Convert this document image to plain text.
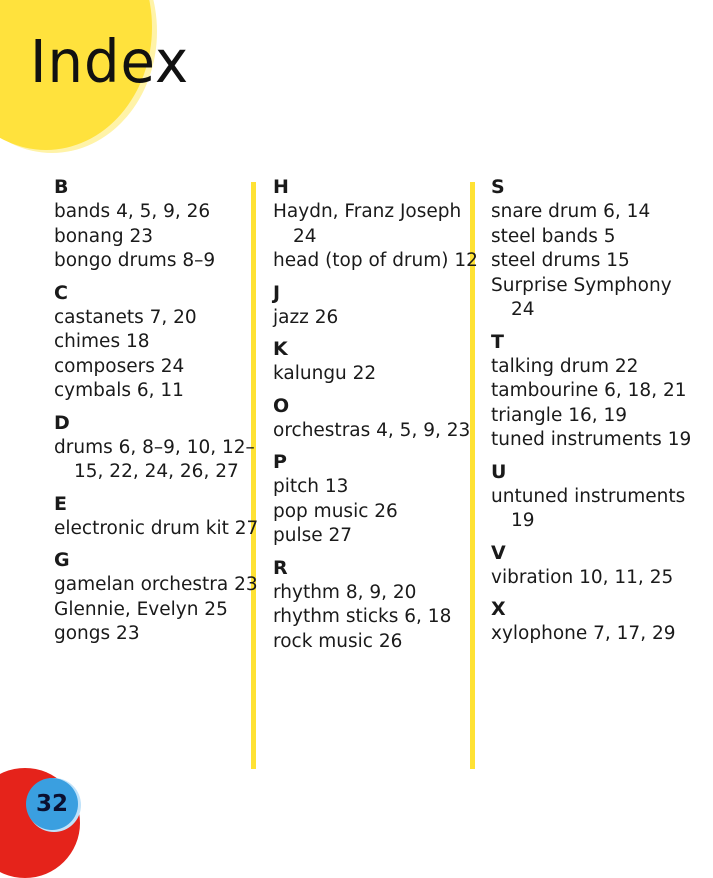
Index
B
bands 4, 5, 9, 26
bonang 23
bongo drums 8–9
C
castanets 7, 20
chimes 18
composers 24
cymbals 6, 11
D
drums 6, 8–9, 10, 12–15, 22, 24, 26, 27
E
electronic drum kit 27
G
gamelan orchestra 23
Glennie, Evelyn 25
gongs 23
H
Haydn, Franz Joseph 24
head (top of drum) 12
J
jazz 26
K
kalungu 22
O
orchestras 4, 5, 9, 23
P
pitch 13
pop music 26
pulse 27
R
rhythm 8, 9, 20
rhythm sticks 6, 18
rock music 26
S
snare drum 6, 14
steel bands 5
steel drums 15
Surprise Symphony 24
T
talking drum 22
tambourine 6, 18, 21
triangle 16, 19
tuned instruments 19
U
untuned instruments 19
V
vibration 10, 11, 25
X
xylophone 7, 17, 29
32
